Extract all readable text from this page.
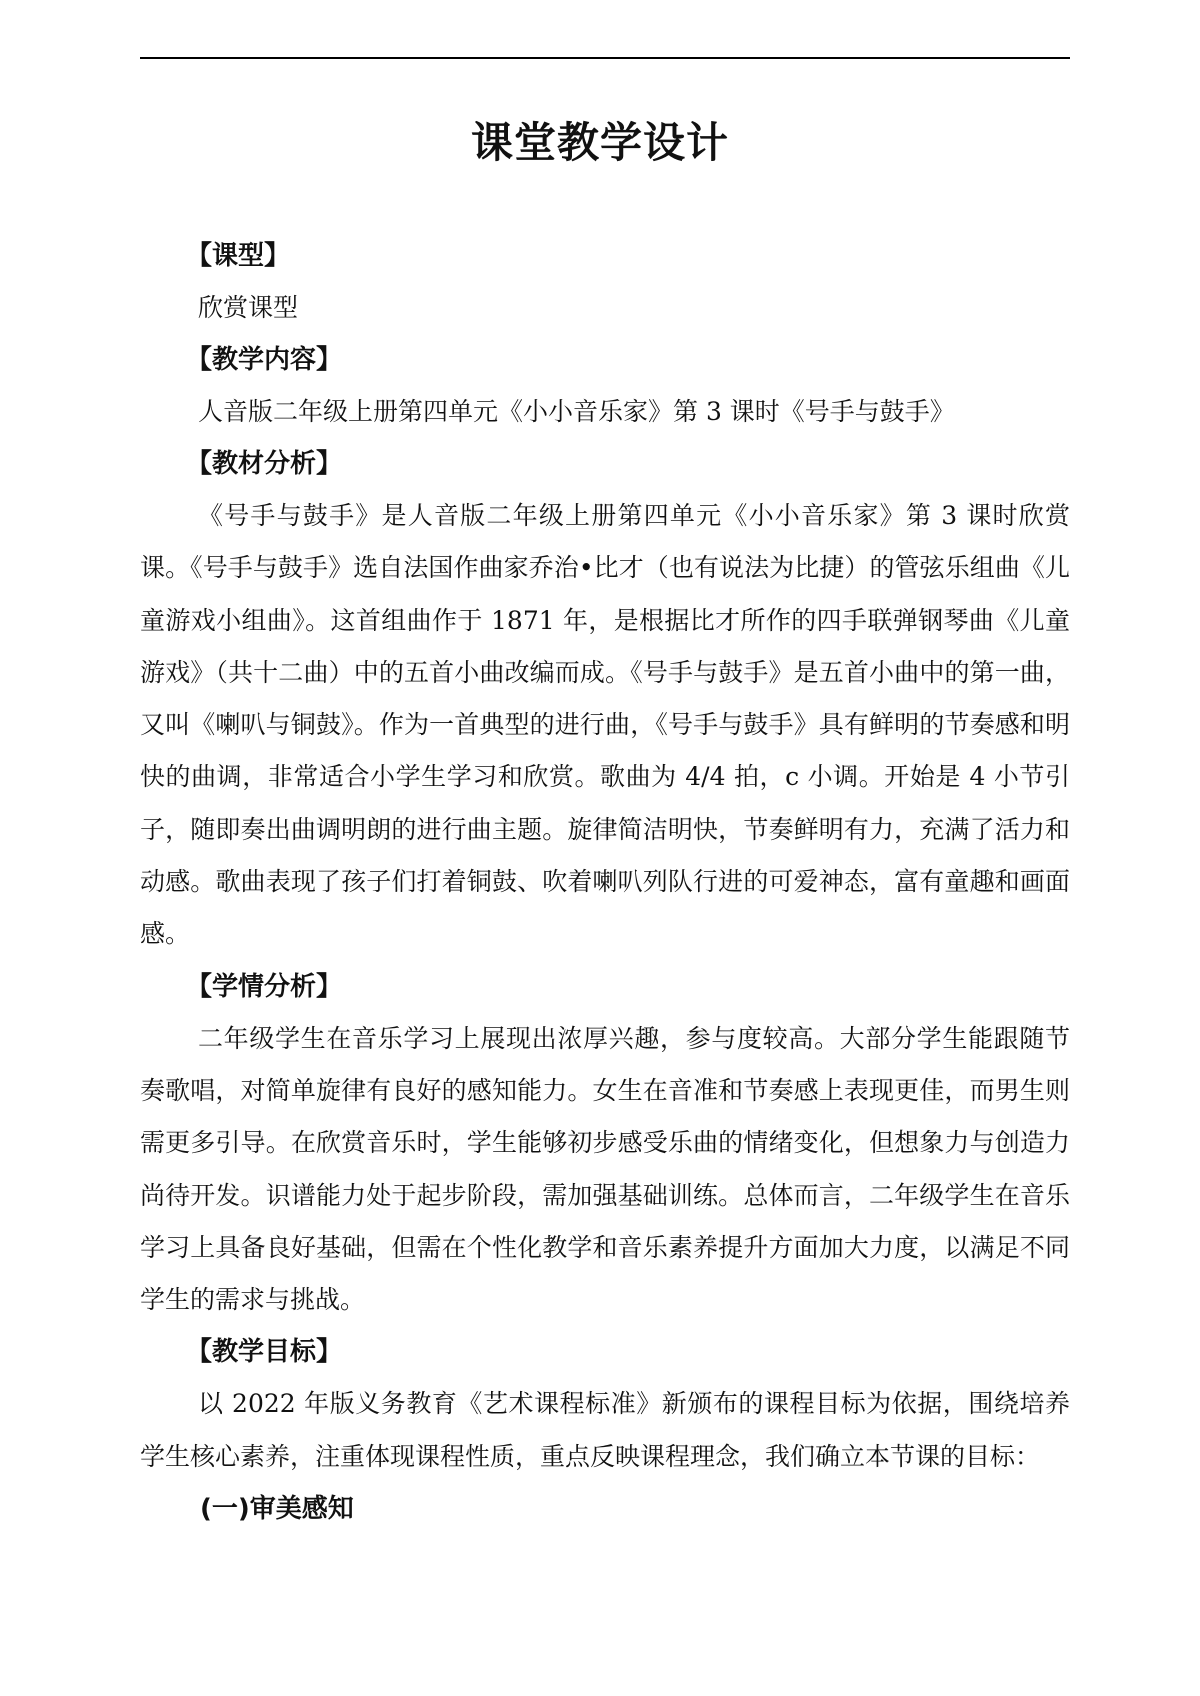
课堂教学设计
【课型】
欣赏课型
【教学内容】
人音版二年级上册第四单元《小小音乐家》第 3 课时《号手与鼓手》
【教材分析】

《号手与鼓手》是人音版二年级上册第四单元《小小音乐家》第 3 课时欣赏课。《号手与鼓手》选自法国作曲家乔治•比才（也有说法为比捷）的管弦乐组曲《儿童游戏小组曲》。这首组曲作于 1871 年，是根据比才所作的四手联弹钢琴曲《儿童游戏》（共十二曲）中的五首小曲改编而成。《号手与鼓手》是五首小曲中的第一曲，又叫《喇叭与铜鼓》。作为一首典型的进行曲，《号手与鼓手》具有鲜明的节奏感和明快的曲调，非常适合小学生学习和欣赏。歌曲为 4/4 拍，c 小调。开始是 4 小节引子，随即奏出曲调明朗的进行曲主题。旋律简洁明快，节奏鲜明有力，充满了活力和动感。歌曲表现了孩子们打着铜鼓、吹着喇叭列队行进的可爱神态，富有童趣和画面感。

【学情分析】

二年级学生在音乐学习上展现出浓厚兴趣，参与度较高。大部分学生能跟随节奏歌唱，对简单旋律有良好的感知能力。女生在音准和节奏感上表现更佳，而男生则需更多引导。在欣赏音乐时，学生能够初步感受乐曲的情绪变化，但想象力与创造力尚待开发。识谱能力处于起步阶段，需加强基础训练。总体而言，二年级学生在音乐学习上具备良好基础，但需在个性化教学和音乐素养提升方面加大力度，以满足不同学生的需求与挑战。

【教学目标】

以 2022 年版义务教育《艺术课程标准》新颁布的课程目标为依据，围绕培养学生核心素养，注重体现课程性质，重点反映课程理念，我们确立本节课的目标：

(一)审美感知
